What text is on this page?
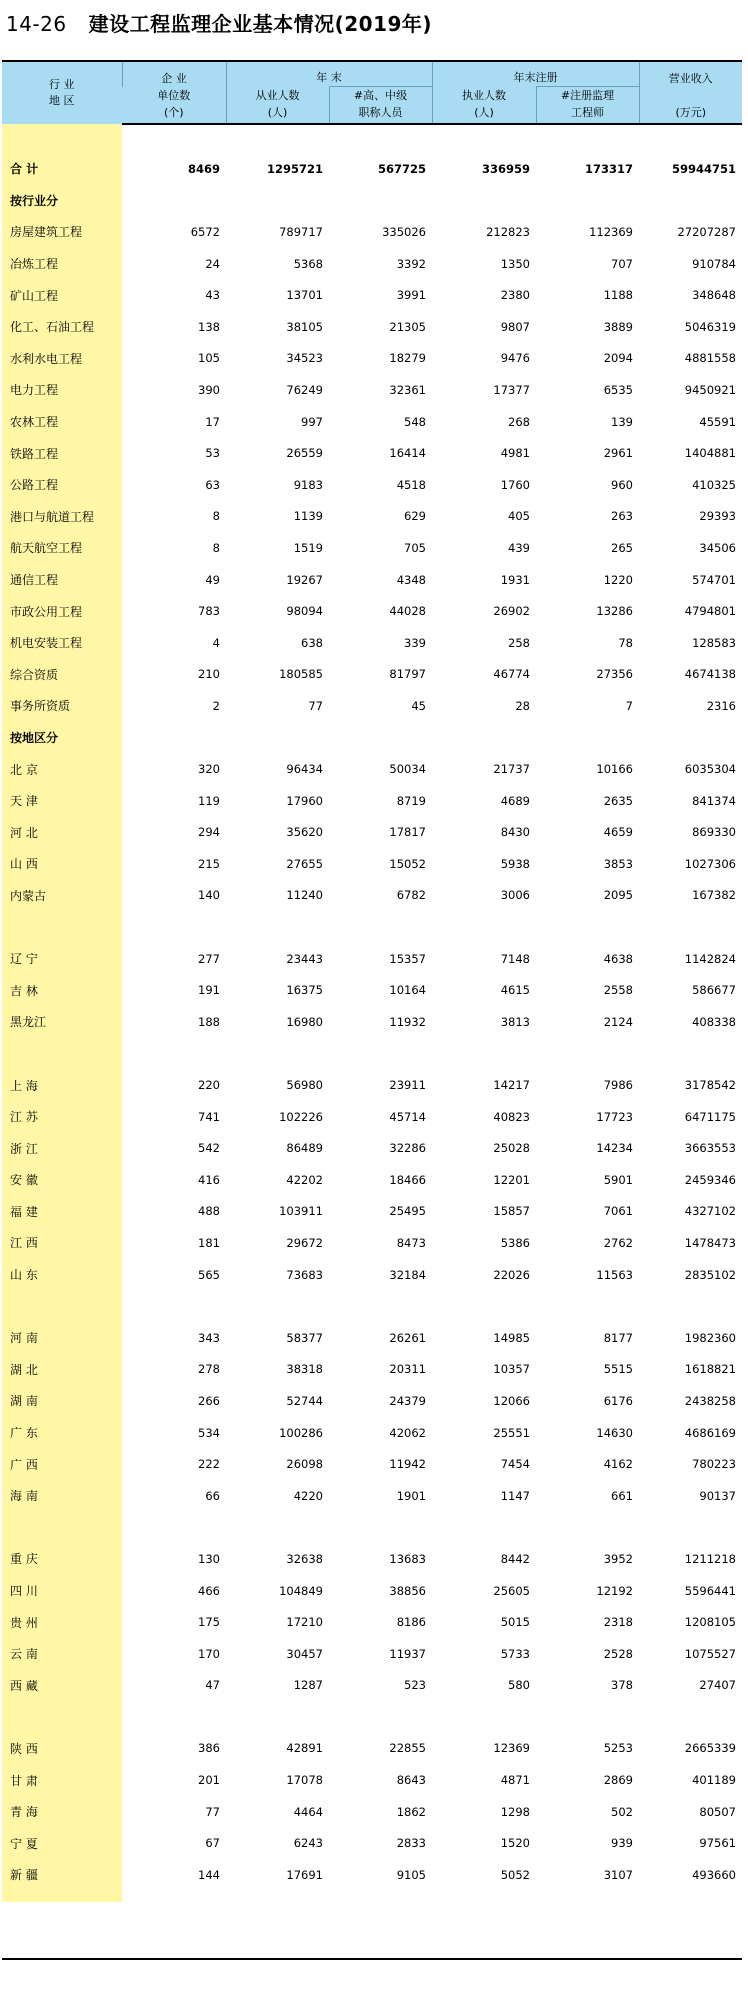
14-26 建设工程监理企业基本情况(2019年)
行 业
地 区	企 业	年 末		年末注册		营业收入
	单位数	从业人数	#高、中级	执业人数	#注册监理	
	(个)	(人)	职称人员	(人)	工程师	(万元)

合 计	8469	1295721	567725	336959	173317	59944751
按行业分						
房屋建筑工程	6572	789717	335026	212823	112369	27207287
冶炼工程	24	5368	3392	1350	707	910784
矿山工程	43	13701	3991	2380	1188	348648
化工、石油工程	138	38105	21305	9807	3889	5046319
水利水电工程	105	34523	18279	9476	2094	4881558
电力工程	390	76249	32361	17377	6535	9450921
农林工程	17	997	548	268	139	45591
铁路工程	53	26559	16414	4981	2961	1404881
公路工程	63	9183	4518	1760	960	410325
港口与航道工程	8	1139	629	405	263	29393
航天航空工程	8	1519	705	439	265	34506
通信工程	49	19267	4348	1931	1220	574701
市政公用工程	783	98094	44028	26902	13286	4794801
机电安装工程	4	638	339	258	78	128583
综合资质	210	180585	81797	46774	27356	4674138
事务所资质	2	77	45	28	7	2316
按地区分						
北 京	320	96434	50034	21737	10166	6035304
天 津	119	17960	8719	4689	2635	841374
河 北	294	35620	17817	8430	4659	869330
山 西	215	27655	15052	5938	3853	1027306
内蒙古	140	11240	6782	3006	2095	167382

辽 宁	277	23443	15357	7148	4638	1142824
吉 林	191	16375	10164	4615	2558	586677
黑龙江	188	16980	11932	3813	2124	408338

上 海	220	56980	23911	14217	7986	3178542
江 苏	741	102226	45714	40823	17723	6471175
浙 江	542	86489	32286	25028	14234	3663553
安 徽	416	42202	18466	12201	5901	2459346
福 建	488	103911	25495	15857	7061	4327102
江 西	181	29672	8473	5386	2762	1478473
山 东	565	73683	32184	22026	11563	2835102

河 南	343	58377	26261	14985	8177	1982360
湖 北	278	38318	20311	10357	5515	1618821
湖 南	266	52744	24379	12066	6176	2438258
广 东	534	100286	42062	25551	14630	4686169
广 西	222	26098	11942	7454	4162	780223
海 南	66	4220	1901	1147	661	90137

重 庆	130	32638	13683	8442	3952	1211218
四 川	466	104849	38856	25605	12192	5596441
贵 州	175	17210	8186	5015	2318	1208105
云 南	170	30457	11937	5733	2528	1075527
西 藏	47	1287	523	580	378	27407

陕 西	386	42891	22855	12369	5253	2665339
甘 肃	201	17078	8643	4871	2869	401189
青 海	77	4464	1862	1298	502	80507
宁 夏	67	6243	2833	1520	939	97561
新 疆	144	17691	9105	5052	3107	493660
